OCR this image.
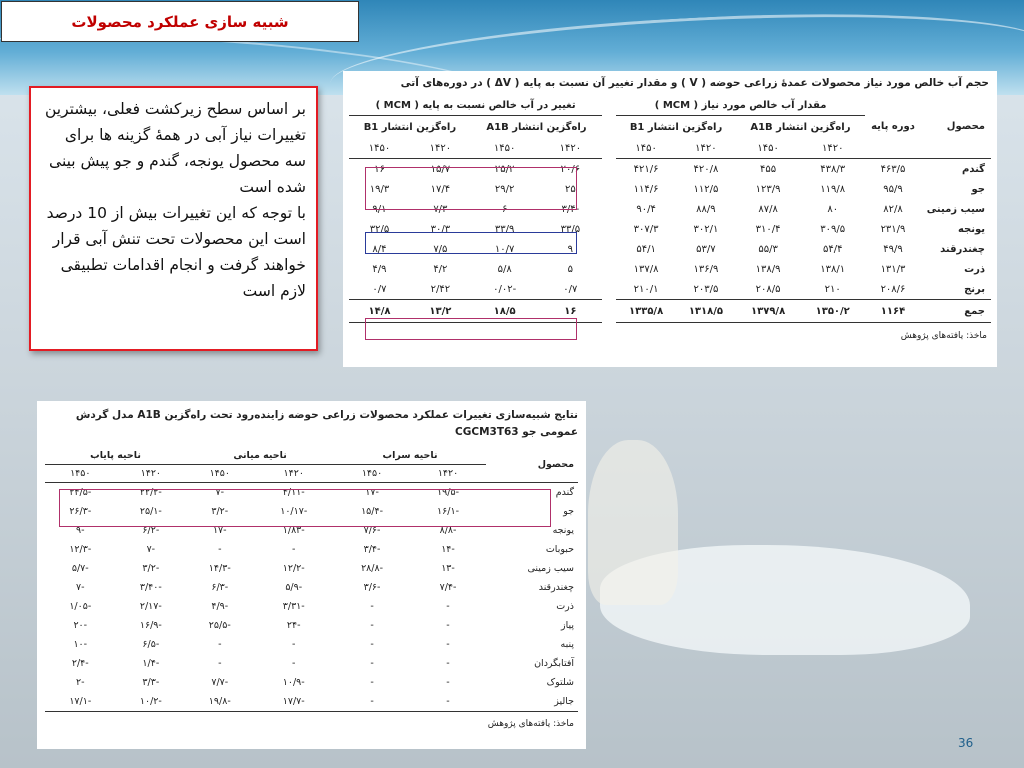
شبیه سازی عملکرد محصولات

بر اساس سطح زیرکشت فعلی، بیشترین تغییرات نیاز آبی در همهٔ گزینه ها برای سه محصول یونجه، گندم و جو پیش بینی شده است

با توجه که این تغییرات بیش از 10 درصد است این محصولات تحت تنش آبی قرار خواهند گرفت و انجام اقدامات تطبیقی لازم است

حجم آب خالص مورد نیاز محصولات عمدهٔ زراعی حوضه ( V ) و مقدار تغییر آن نسبت به پایه ( ΔV ) در دوره‌های آتی
محصول	دوره پایه	مقدار آب خالص مورد نیاز ( MCM )					تغییر در آب خالص نسبت به پایه ( MCM )			
		راه‌گزین انتشار A1B		راه‌گزین انتشار B1			راه‌گزین انتشار A1B		راه‌گزین انتشار B1	
		۱۴۲۰	۱۴۵۰	۱۴۲۰	۱۴۵۰		۱۴۲۰	۱۴۵۰	۱۴۲۰	۱۴۵۰
گندم	۴۶۳/۵	۴۳۸/۳	۴۵۵	۴۲۰/۸	۴۲۱/۶		۲۰/۶	۲۵/۲	۱۵/۷	۱۶
جو	۹۵/۹	۱۱۹/۸	۱۲۳/۹	۱۱۲/۵	۱۱۴/۶		۲۵	۲۹/۲	۱۷/۴	۱۹/۳
سیب زمینی	۸۲/۸	۸۰	۸۷/۸	۸۸/۹	۹۰/۴		-۳/۴	۶	۷/۳	۹/۱
یونجه	۲۳۱/۹	۳۰۹/۵	۳۱۰/۴	۳۰۲/۱	۳۰۷/۳		۳۳/۵	۳۳/۹	۳۰/۳	۳۲/۵
چغندرقند	۴۹/۹	۵۴/۴	۵۵/۳	۵۳/۷	۵۴/۱		۹	۱۰/۷	۷/۵	۸/۴
ذرت	۱۳۱/۳	۱۳۸/۱	۱۳۸/۹	۱۳۶/۹	۱۳۷/۸		۵	۵/۸	۴/۲	۴/۹
برنج	۲۰۸/۶	۲۱۰	۲۰۸/۵	۲۰۳/۵	۲۱۰/۱		۰/۷	-۰/۰۲	۲/۴۲	۰/۷
جمع	۱۱۶۴	۱۳۵۰/۲	۱۳۷۹/۸	۱۳۱۸/۵	۱۳۳۵/۸		۱۶	۱۸/۵	۱۳/۲	۱۴/۸
ماخذ: یافته‌های پژوهش
نتایج شبیه‌سازی تغییرات عملکرد محصولات زراعی حوضه زاینده‌رود تحت راه‌گزین A1B مدل گردش عمومی جو CGCM3T63
محصول	ناحیه سراب		ناحیه میانی		ناحیه پایاب	
	۱۴۲۰	۱۴۵۰	۱۴۲۰	۱۴۵۰	۱۴۲۰	۱۴۵۰
گندم	-۱۹/۵	-۱۷	-۴/۱۱	-۷	-۲۲/۲	-۲۴/۵
جو	-۱۶/۱	-۱۵/۴	-۱۰/۱۷	-۳/۲	-۲۵/۱	-۲۶/۳
یونجه	-۸/۸	-۷/۶	-۱/۸۳	-۱۷	-۶/۲	-۹
حبوبات	-۱۴	-۳/۴	-	-	-۷	-۱۲/۳
سیب زمینی	-۱۳	-۲۸/۸	-۱۲/۲	-۱۴/۳	-۳/۲	-۵/۷
چغندرقند	-۷/۴	-۳/۶	-۵/۹	-۶/۳	-۳/۴۰	-۷
ذرت	-	-	-۳/۳۱	-۴/۹	-۲/۱۷	-۱/۰۵
پیاز	-	-	-۲۴	-۲۵/۵	-۱۶/۹	-۲۰
پنبه	-	-	-	-	-۶/۵	-۱۰
آفتابگردان	-	-	-	-	-۱/۴	-۲/۴
شلتوک	-	-	-۱۰/۹	-۷/۷	-۳/۳	-۲
جالیز	-	-	-۱۷/۷	-۱۹/۸	-۱۰/۲	-۱۷/۱
ماخذ: یافته‌های پژوهش
36
